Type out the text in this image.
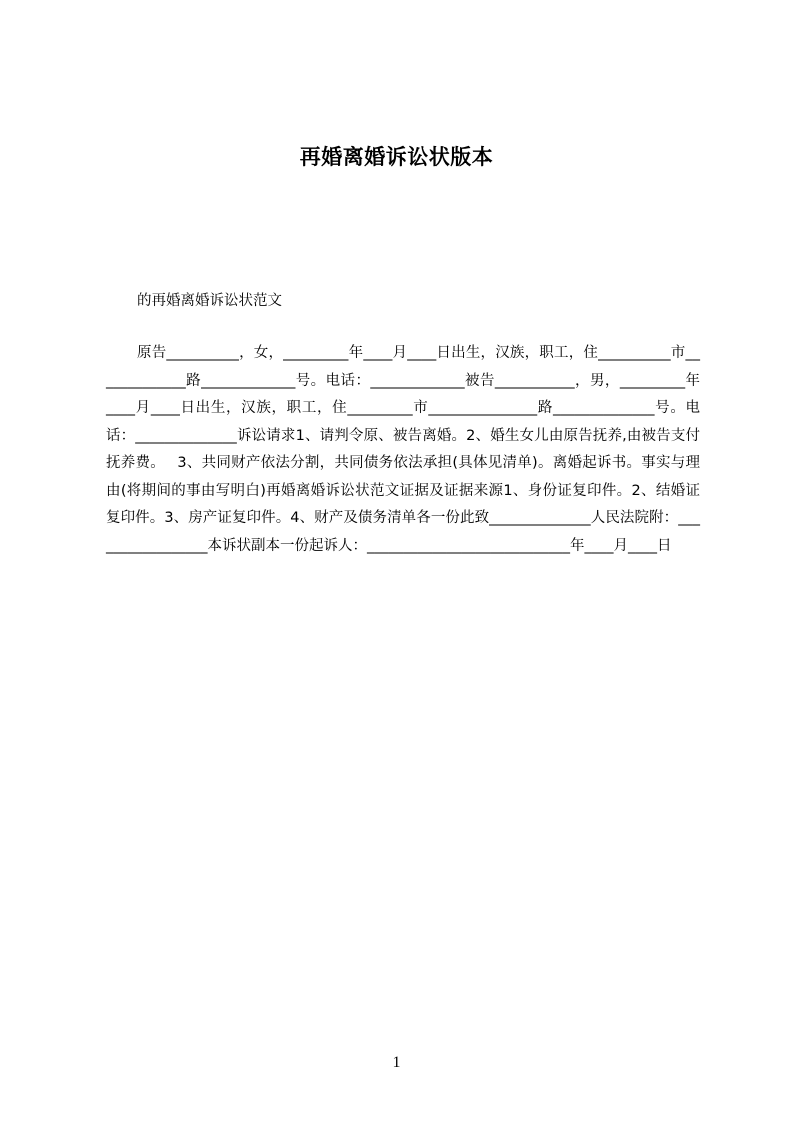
再婚离婚诉讼状版本

的再婚离婚诉讼状范文

原告__________，女，_________年____月____日出生，汉族，职工，住__________市_____________路_____________号。电话：_____________被告___________，男，_________年____月____日出生，汉族，职工，住_________市_______________路______________号。电话：______________诉讼请求1、请判令原、被告离婚。2、婚生女儿由原告抚养,由被告支付抚养费。　 3、共同财产依法分割，共同债务依法承担(具体见清单)。离婚起诉书。事实与理由(将期间的事由写明白)再婚离婚诉讼状范文证据及证据来源1、身份证复印件。2、结婚证复印件。3、房产证复印件。4、财产及债务清单各一份此致______________人民法院附：_________________本诉状副本一份起诉人：____________________________年____月____日

1
